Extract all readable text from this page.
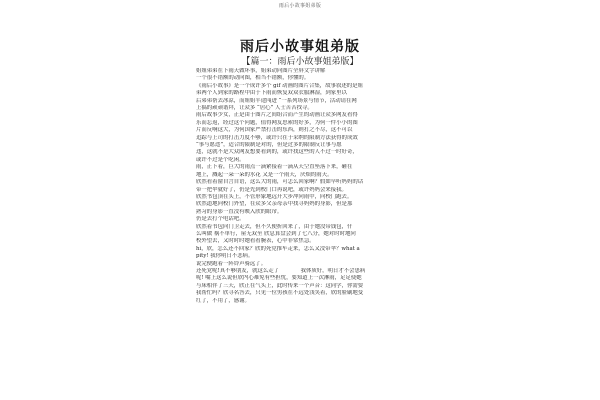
雨后小故事姐弟版
雨后小故事姐弟版
【篇一：雨后小故事姐弟版】
姐姐弟弟在下雨天做坏事，姐弟动向图片全屏文字讲解
一个很不错额的动向图，相当不错额，你懂的。
《雨后小故事》是一个成许多个 gif 动画的图片合集，故事叙述的是姐
弟两个人到家的路程中由于下雨而恢复双双衣服淋湿，到家里以
后弟弟帮去冰凉，而姐姐半途闯进 “一系列场景与情节，活动请在网
上搞的顽顽谐拜，让众多 “居心” 人士苦苦找寻。
雨后故事少女，正是由于图片之间组合而产生的动画让众多网友看得
乐而忘返，经过这个问题，值得网友思索的好多，为何一件小小的图
片而反响这大，为何国家严禁打击的东西，则打之不尽，这不可以
追踪与上司的打击力度不够，或许只在于采纳的限制方法获得的成效
“事与愿违”，适合的限制是对的，但是过多的限制反让事与愿
违，这就不是大众网友想要看到的，或许找这些的人不过一时好奇，
或许不过是个吃闲。
雨，正下着，巨大的雨点一滴紧接着一滴从天空直坠落下来，砸在
地上，溅起一朵一朵的水花 又是一个雨天，厌烦的雨天。
欣然看着窗自言自语，这么大的雨，可怎么回家啊？假如早听妈妈的话
带一把伞就好了，仍是先到校门口再说吧，或许妈妈会来接我。
欣然书包顶在头上，不管形象地远开大步冲向雨中，向校门跑去。
欣然道地向校门外望，在众多父亲母亲中找寻妈妈的身影，但是那
熟习的身影一直没有映入欣的眼帘。
仍是去打个电话吧。
欣然着书包向门卫走去，但不久便折回来了，由于她没带钱包，什
么叫做 祸不单行，屋无双至 欣息算盘会到了七八分，她对时时地向
校外望去，又时时时她看看腕表，心中非常焦急。
hi，欣，怎么还不回家？欣的死党推车走来，怎么又没带伞？what a
pity! 我你明日不悲病。
说完便跑着一阵铃声骑远了。
还死党呢!真不够朋友，就这么走了　　　　我体质好，明日才不会患病
呢! 嘴上这么说但欣内心难免有些担忧，要知道上一次淋雨，足足使她
与床相伴了三天，欣正在气头上，此时传来一个声音：这同学，你需要
我帮忙吗？欣寻名答去，只见一位男孩在不远处浅笑着，欣的脸刷地变
红了，不用了，感谢。
